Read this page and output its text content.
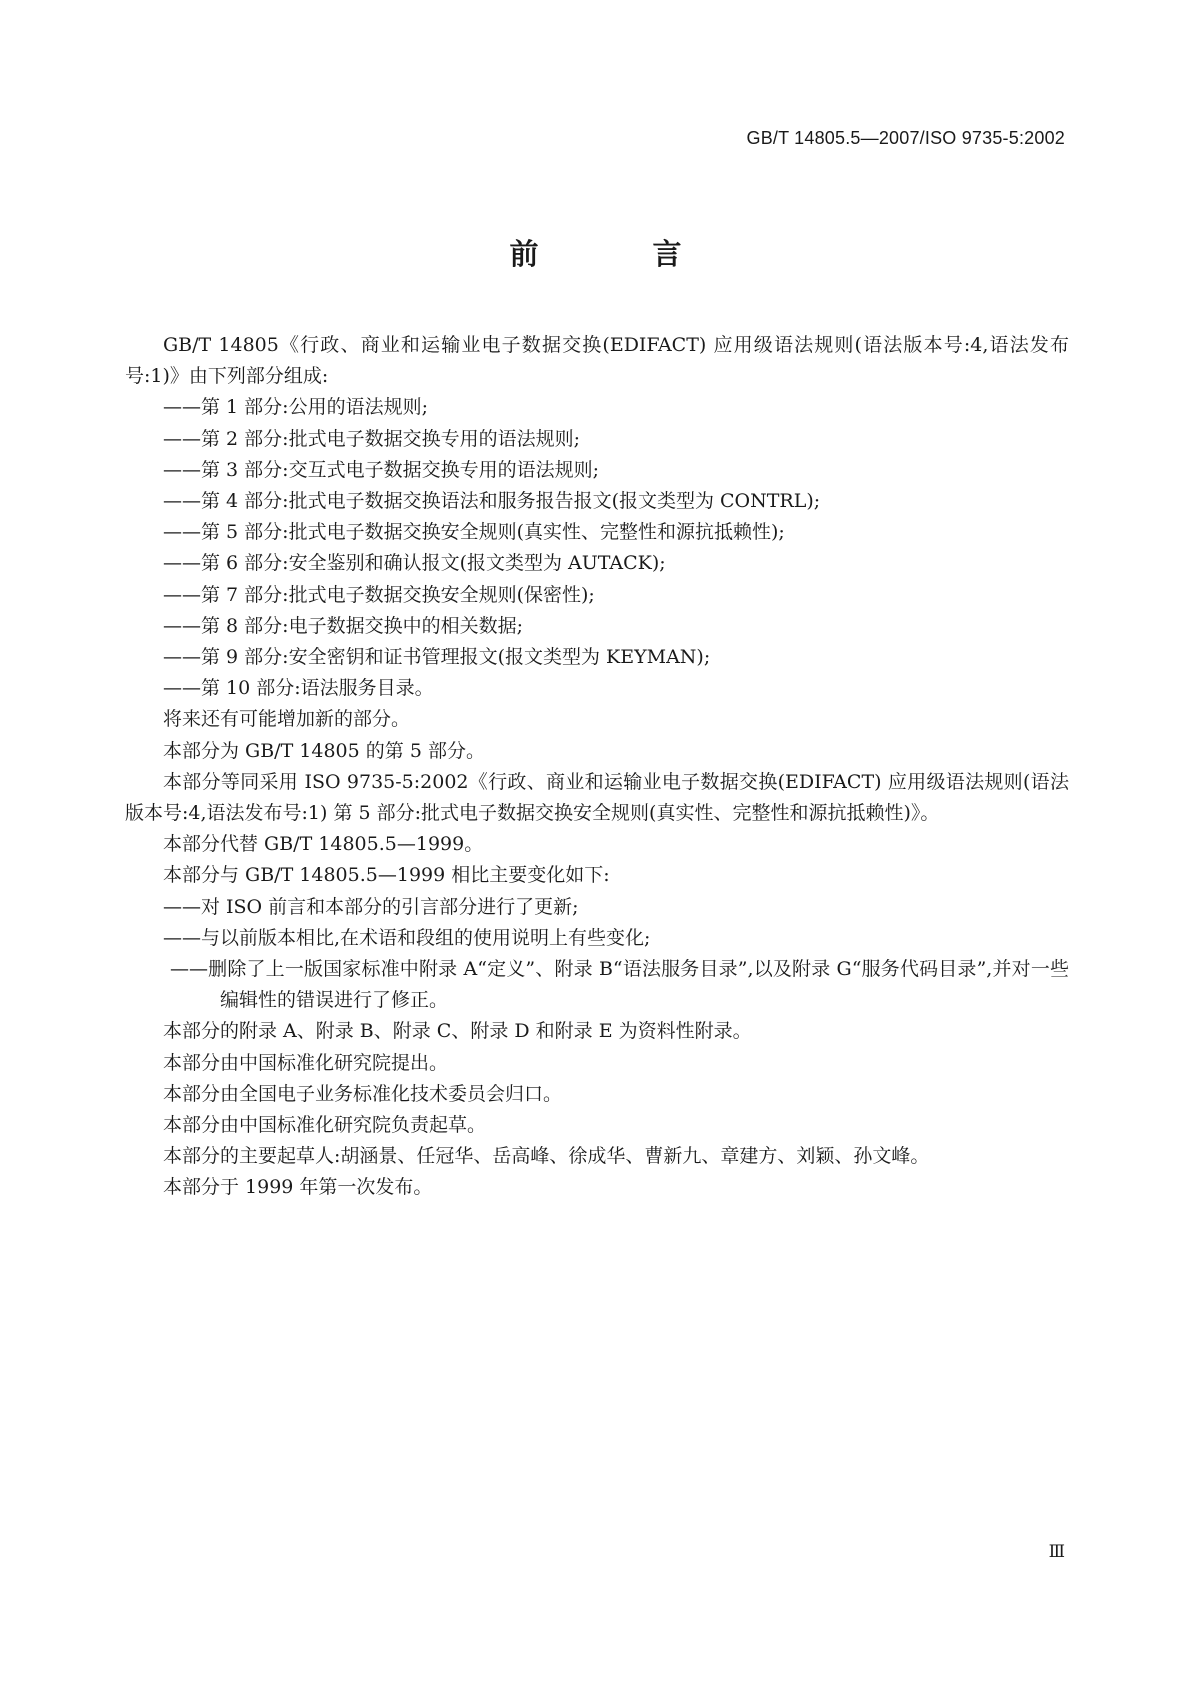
GB/T 14805.5—2007/ISO 9735-5:2002
前 言

GB/T 14805《行政、商业和运输业电子数据交换(EDIFACT) 应用级语法规则(语法版本号:4,语法发布号:1)》由下列部分组成:

——第 1 部分:公用的语法规则;

——第 2 部分:批式电子数据交换专用的语法规则;

——第 3 部分:交互式电子数据交换专用的语法规则;

——第 4 部分:批式电子数据交换语法和服务报告报文(报文类型为 CONTRL);

——第 5 部分:批式电子数据交换安全规则(真实性、完整性和源抗抵赖性);

——第 6 部分:安全鉴别和确认报文(报文类型为 AUTACK);

——第 7 部分:批式电子数据交换安全规则(保密性);

——第 8 部分:电子数据交换中的相关数据;

——第 9 部分:安全密钥和证书管理报文(报文类型为 KEYMAN);

——第 10 部分:语法服务目录。

将来还有可能增加新的部分。

本部分为 GB/T 14805 的第 5 部分。

本部分等同采用 ISO 9735-5:2002《行政、商业和运输业电子数据交换(EDIFACT) 应用级语法规则(语法版本号:4,语法发布号:1) 第 5 部分:批式电子数据交换安全规则(真实性、完整性和源抗抵赖性)》。

本部分代替 GB/T 14805.5—1999。

本部分与 GB/T 14805.5—1999 相比主要变化如下:

——对 ISO 前言和本部分的引言部分进行了更新;

——与以前版本相比,在术语和段组的使用说明上有些变化;

——删除了上一版国家标准中附录 A“定义”、附录 B“语法服务目录”,以及附录 G“服务代码目录”,并对一些编辑性的错误进行了修正。

本部分的附录 A、附录 B、附录 C、附录 D 和附录 E 为资料性附录。

本部分由中国标准化研究院提出。

本部分由全国电子业务标准化技术委员会归口。

本部分由中国标准化研究院负责起草。

本部分的主要起草人:胡涵景、任冠华、岳高峰、徐成华、曹新九、章建方、刘颖、孙文峰。

本部分于 1999 年第一次发布。

Ⅲ
